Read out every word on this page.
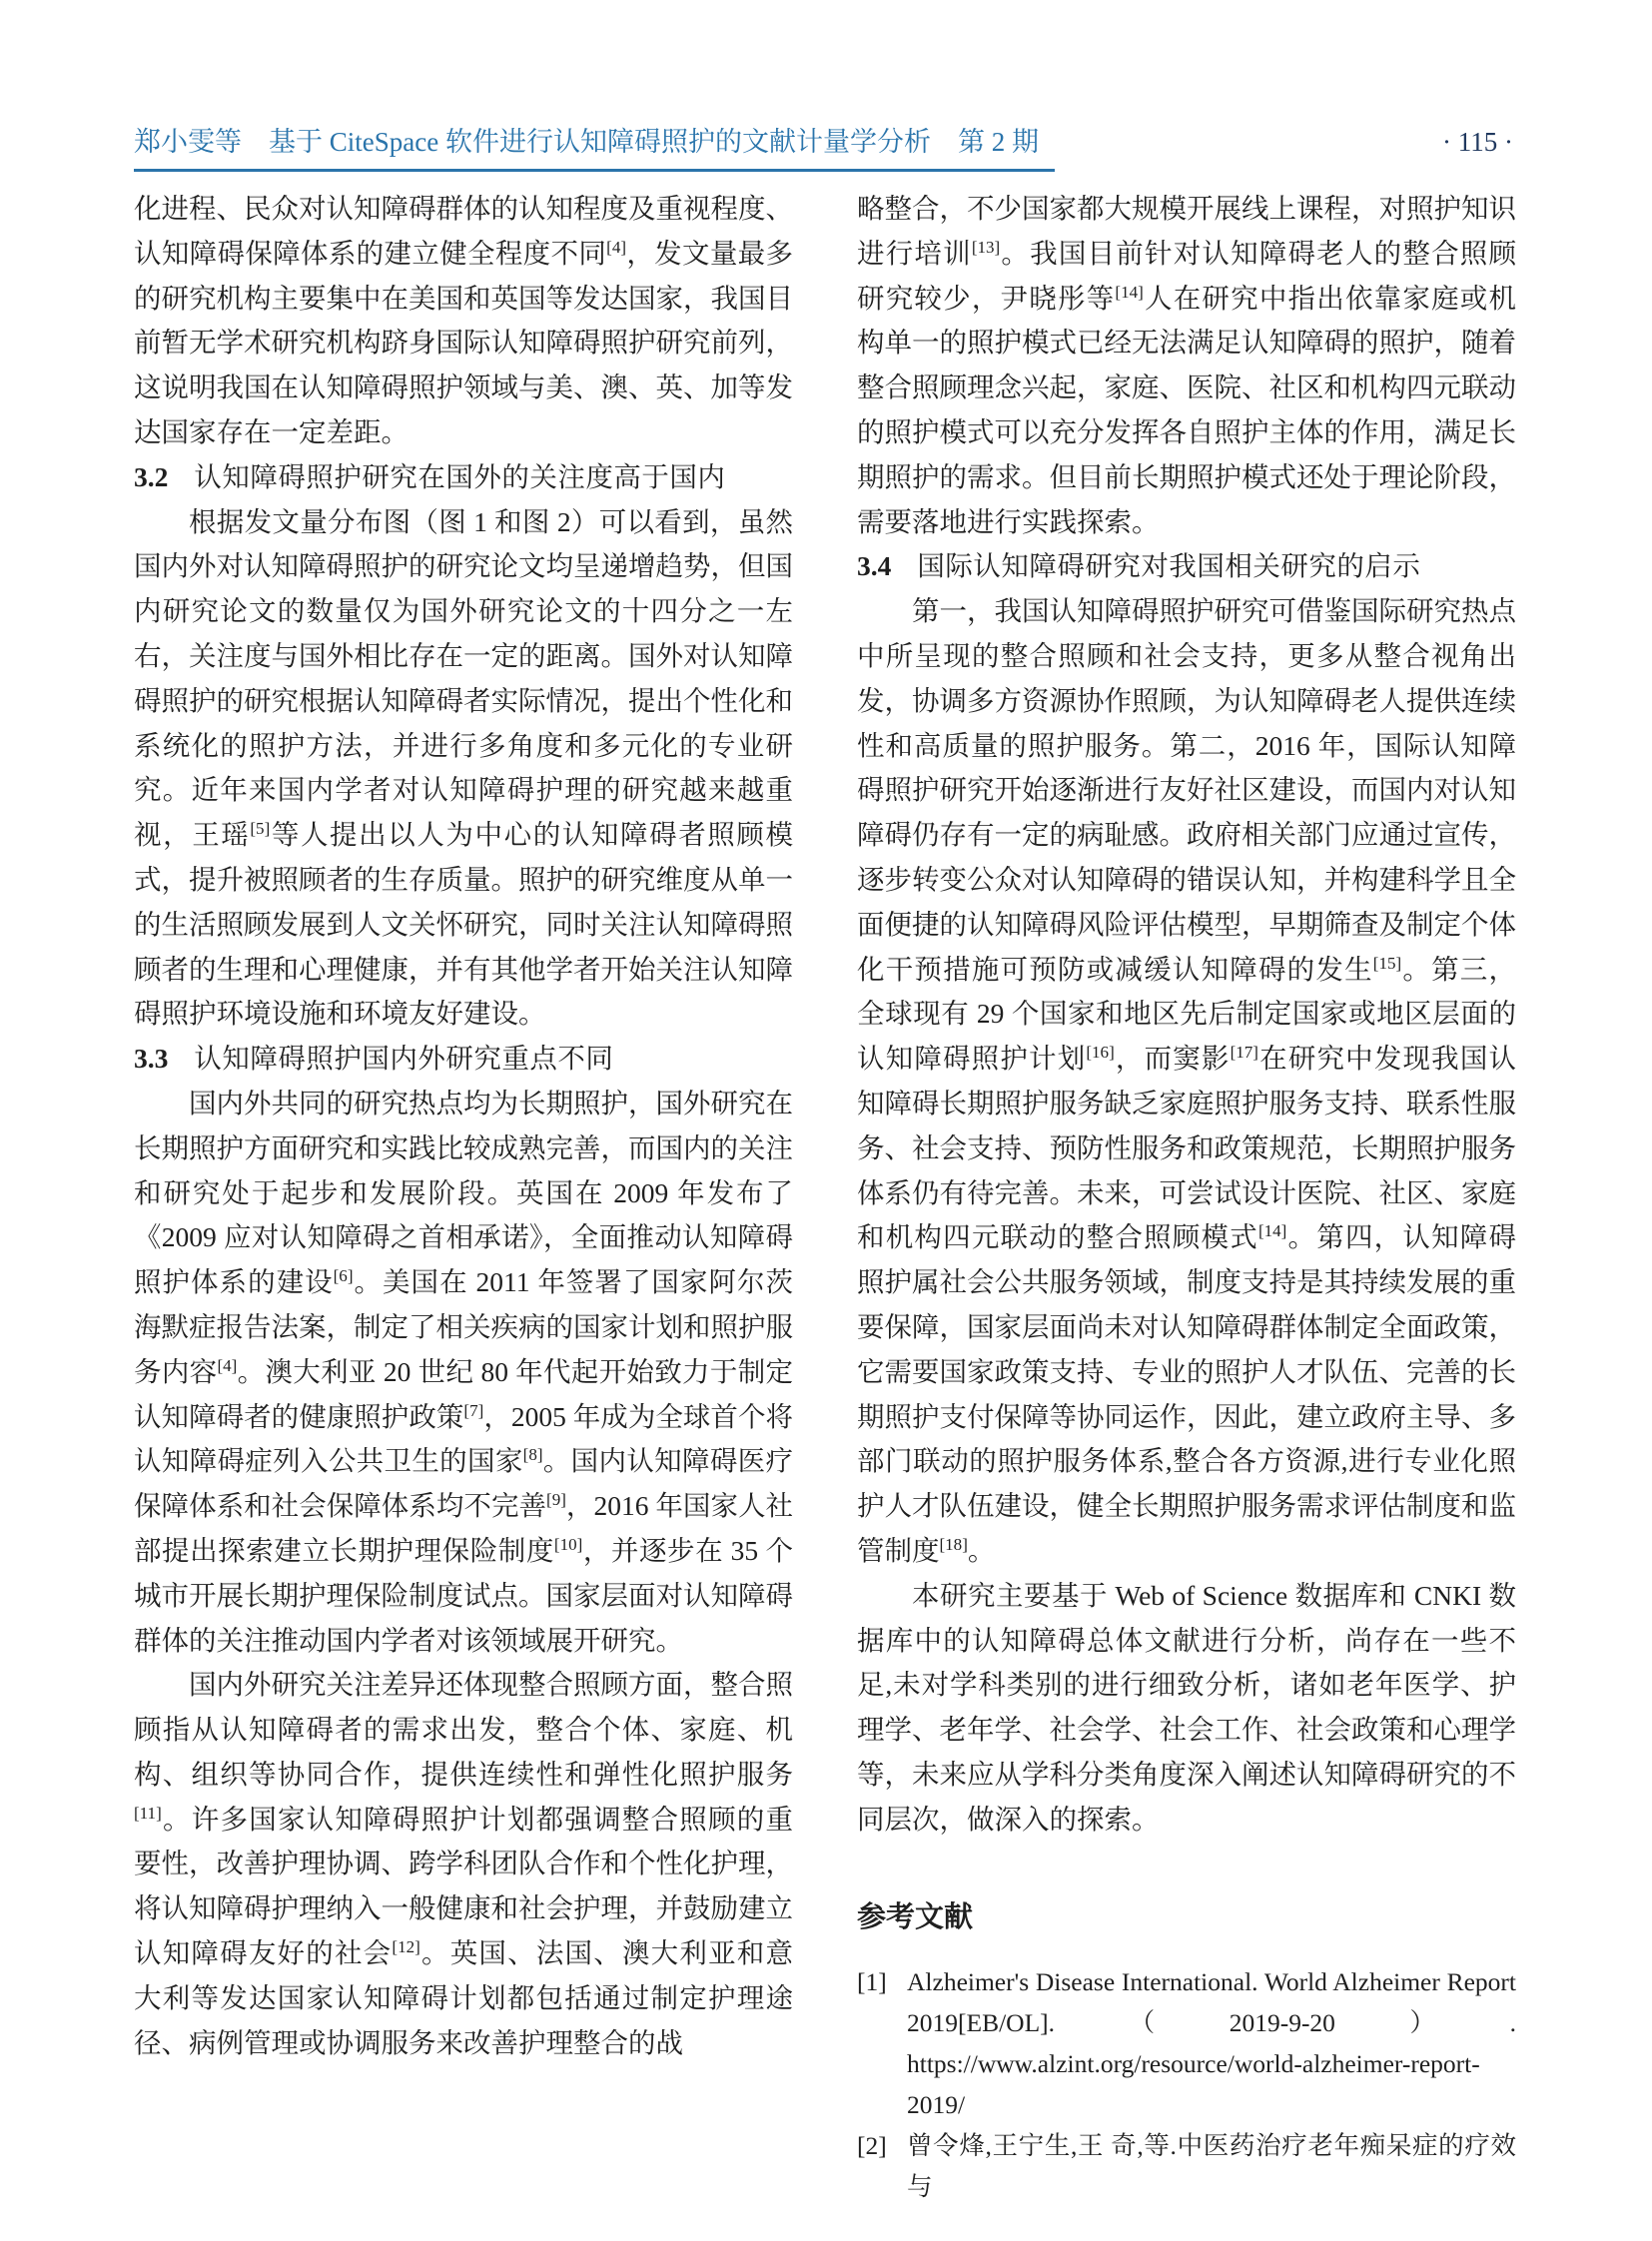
郑小雯等　基于 CiteSpace 软件进行认知障碍照护的文献计量学分析　第 2 期	· 115 ·

化进程、民众对认知障碍群体的认知程度及重视程度、认知障碍保障体系的建立健全程度不同[4]，发文量最多的研究机构主要集中在美国和英国等发达国家，我国目前暂无学术研究机构跻身国际认知障碍照护研究前列，这说明我国在认知障碍照护领域与美、澳、英、加等发达国家存在一定差距。

3.2 认知障碍照护研究在国外的关注度高于国内

根据发文量分布图（图 1 和图 2）可以看到，虽然国内外对认知障碍照护的研究论文均呈递增趋势，但国内研究论文的数量仅为国外研究论文的十四分之一左右，关注度与国外相比存在一定的距离。国外对认知障碍照护的研究根据认知障碍者实际情况，提出个性化和系统化的照护方法，并进行多角度和多元化的专业研究。近年来国内学者对认知障碍护理的研究越来越重视，王瑶[5]等人提出以人为中心的认知障碍者照顾模式，提升被照顾者的生存质量。照护的研究维度从单一的生活照顾发展到人文关怀研究，同时关注认知障碍照顾者的生理和心理健康，并有其他学者开始关注认知障碍照护环境设施和环境友好建设。

3.3 认知障碍照护国内外研究重点不同

国内外共同的研究热点均为长期照护，国外研究在长期照护方面研究和实践比较成熟完善，而国内的关注和研究处于起步和发展阶段。英国在 2009 年发布了《2009 应对认知障碍之首相承诺》，全面推动认知障碍照护体系的建设[6]。美国在 2011 年签署了国家阿尔茨海默症报告法案，制定了相关疾病的国家计划和照护服务内容[4]。澳大利亚 20 世纪 80 年代起开始致力于制定认知障碍者的健康照护政策[7]，2005 年成为全球首个将认知障碍症列入公共卫生的国家[8]。国内认知障碍医疗保障体系和社会保障体系均不完善[9]，2016 年国家人社部提出探索建立长期护理保险制度[10]，并逐步在 35 个城市开展长期护理保险制度试点。国家层面对认知障碍群体的关注推动国内学者对该领域展开研究。

国内外研究关注差异还体现整合照顾方面，整合照顾指从认知障碍者的需求出发，整合个体、家庭、机构、组织等协同合作，提供连续性和弹性化照护服务[11]。许多国家认知障碍照护计划都强调整合照顾的重要性，改善护理协调、跨学科团队合作和个性化护理，将认知障碍护理纳入一般健康和社会护理，并鼓励建立认知障碍友好的社会[12]。英国、法国、澳大利亚和意大利等发达国家认知障碍计划都包括通过制定护理途径、病例管理或协调服务来改善护理整合的战

略整合，不少国家都大规模开展线上课程，对照护知识进行培训[13]。我国目前针对认知障碍老人的整合照顾研究较少，尹晓彤等[14]人在研究中指出依靠家庭或机构单一的照护模式已经无法满足认知障碍的照护，随着整合照顾理念兴起，家庭、医院、社区和机构四元联动的照护模式可以充分发挥各自照护主体的作用，满足长期照护的需求。但目前长期照护模式还处于理论阶段，需要落地进行实践探索。

3.4 国际认知障碍研究对我国相关研究的启示

第一，我国认知障碍照护研究可借鉴国际研究热点中所呈现的整合照顾和社会支持，更多从整合视角出发，协调多方资源协作照顾，为认知障碍老人提供连续性和高质量的照护服务。第二，2016 年，国际认知障碍照护研究开始逐渐进行友好社区建设，而国内对认知障碍仍存有一定的病耻感。政府相关部门应通过宣传，逐步转变公众对认知障碍的错误认知，并构建科学且全面便捷的认知障碍风险评估模型，早期筛查及制定个体化干预措施可预防或减缓认知障碍的发生[15]。第三，全球现有 29 个国家和地区先后制定国家或地区层面的认知障碍照护计划[16]，而窦影[17]在研究中发现我国认知障碍长期照护服务缺乏家庭照护服务支持、联系性服务、社会支持、预防性服务和政策规范，长期照护服务体系仍有待完善。未来，可尝试设计医院、社区、家庭和机构四元联动的整合照顾模式[14]。第四，认知障碍照护属社会公共服务领域，制度支持是其持续发展的重要保障，国家层面尚未对认知障碍群体制定全面政策，它需要国家政策支持、专业的照护人才队伍、完善的长期照护支付保障等协同运作，因此，建立政府主导、多部门联动的照护服务体系,整合各方资源,进行专业化照护人才队伍建设，健全长期照护服务需求评估制度和监管制度[18]。

本研究主要基于 Web of Science 数据库和 CNKI 数据库中的认知障碍总体文献进行分析，尚存在一些不足,未对学科类别的进行细致分析，诸如老年医学、护理学、老年学、社会学、社会工作、社会政策和心理学等，未来应从学科分类角度深入阐述认知障碍研究的不同层次，做深入的探索。

参考文献
[1] Alzheimer's Disease International. World Alzheimer Report 2019[EB/OL].（2019-9-20）. https://www.alzint.org/resource/world-alzheimer-report-2019/
[2] 曾令烽,王宁生,王 奇,等.中医药治疗老年痴呆症的疗效与
